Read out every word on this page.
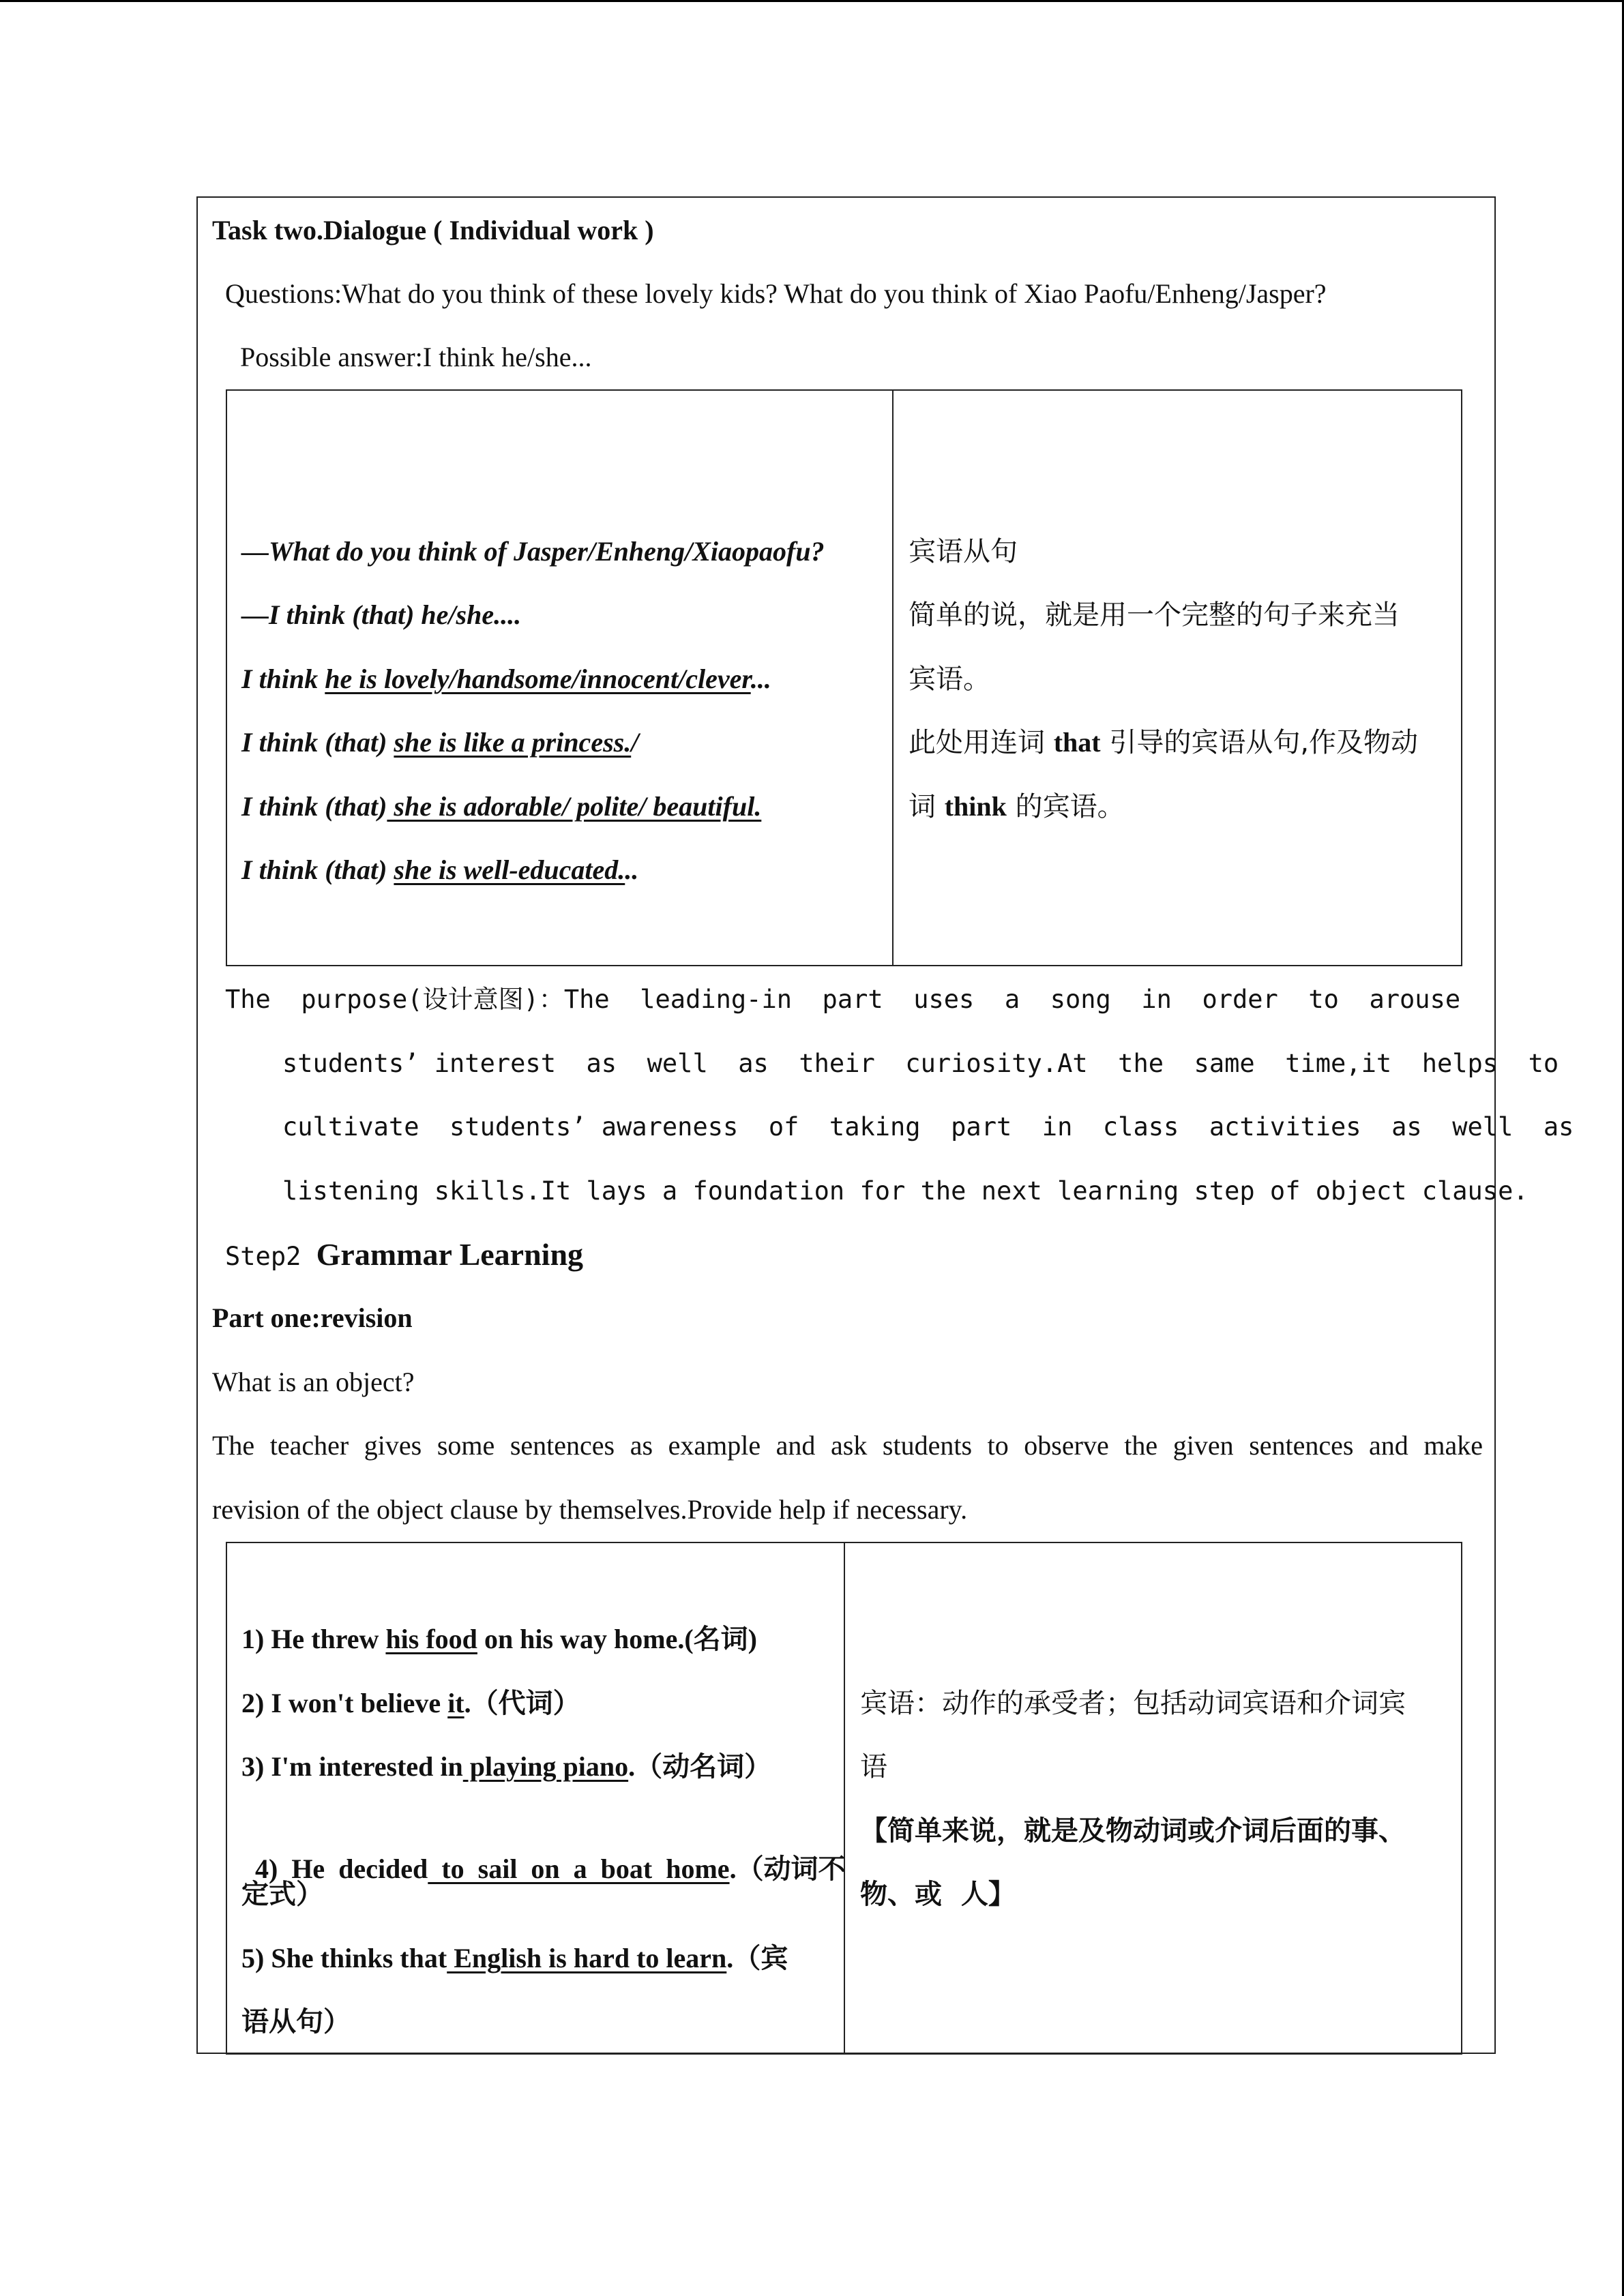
Task two.Dialogue ( Individual work )
Questions:What do you think of these lovely kids? What do you think of Xiao Paofu/Enheng/Jasper?
Possible answer:I think he/she...
—What do you think of Jasper/Enheng/Xiaopaofu?
—I think (that) he/she....
I think he is lovely/handsome/innocent/clever...
I think (that) she is like a princess./
I think (that) she is adorable/ polite/ beautiful.
I think (that) she is well-educated...
宾语从句
简单的说，就是用一个完整的句子来充当
宾语。
此处用连词 that 引导的宾语从句,作及物动
词 think 的宾语。
The  purpose(设计意图)：The  leading-in  part  uses  a  song  in  order  to  arouse
students’ interest  as  well  as  their  curiosity.At  the  same  time,it  helps  to
cultivate  students’ awareness  of  taking  part  in  class  activities  as  well  as
listening skills.It lays a foundation for the next learning step of object clause.
Step2 Grammar Learning
Part one:revision
What is an object?
The teacher gives some sentences as example and ask students to observe the given sentences and make
revision of the object clause by themselves.Provide help if necessary.
1) He threw his food on his way home.(名词)
2) I won't believe it.（代词）
3) I'm interested in playing piano.（动名词）

4)  He  decided  to  sail  on  a  boat  home.（动词不

定式）
5) She thinks that English is hard to learn.（宾
语从句）
宾语：动作的承受者；包括动词宾语和介词宾
语
【简单来说，就是及物动词或介词后面的事、
物、或  人】
